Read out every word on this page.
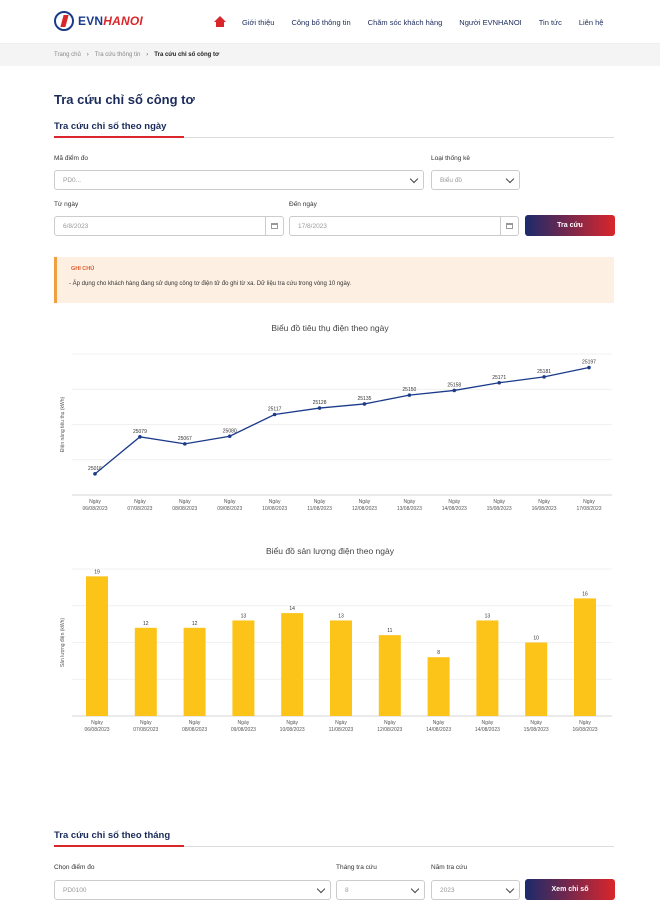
EVNHANOI	Giới thiệu Công bố thông tin Chăm sóc khách hàng Người EVNHANOI Tin tức Liên hệ
Trang chủ › Tra cứu thông tin › Tra cứu chỉ số công tơ
Tra cứu chỉ số công tơ
Tra cứu chỉ số theo ngày
Mã điểm đo
PD0...
Loại thống kê
Biểu đồ
Từ ngày
6/8/2023
Đến ngày
17/8/2023	Tra cứu
GHI CHÚ
- Áp dụng cho khách hàng đang sử dụng công tơ điện tử đo ghi từ xa. Dữ liệu tra cứu trong vòng 10 ngày.
Biểu đồ tiêu thụ điện theo ngày
Điện năng tiêu thụ (kWh)
25016
Ngày 06/08/2023
25079
Ngày 07/08/2023
25067
Ngày 08/08/2023
25080
Ngày 09/08/2023
25117
Ngày 10/08/2023
25128
Ngày 11/08/2023
25135
Ngày 12/08/2023
25150
Ngày 13/08/2023
25158
Ngày 14/08/2023
25171
Ngày 15/08/2023
25181
Ngày 16/08/2023
25197
Ngày 17/08/2023
Biểu đồ sản lượng điện theo ngày
Sản lượng điện (kWh)
19
Ngày 06/08/2023
12
Ngày 07/08/2023
12
Ngày 08/08/2023
13
Ngày 09/08/2023
14
Ngày 10/08/2023
13
Ngày 11/08/2023
11
Ngày 12/08/2023
8
Ngày 14/08/2023
13
Ngày 14/08/2023
10
Ngày 15/08/2023
16
Ngày 16/08/2023
Tra cứu chỉ số theo tháng
Chọn điểm đo
PD0100
Tháng tra cứu
8
Năm tra cứu
2023	Xem chỉ số
